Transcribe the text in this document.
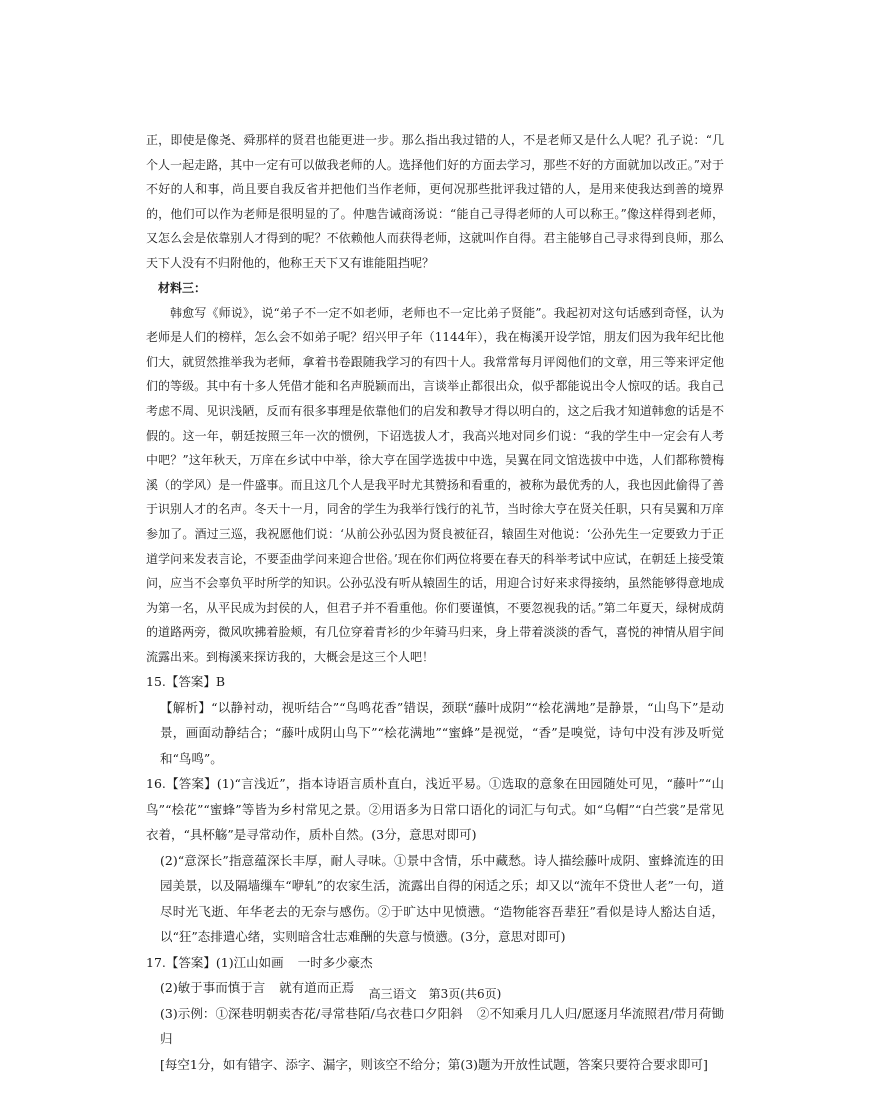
正，即使是像尧、舜那样的贤君也能更进一步。那么指出我过错的人，不是老师又是什么人呢？孔子说：“几个人一起走路，其中一定有可以做我老师的人。选择他们好的方面去学习，那些不好的方面就加以改正。”对于不好的人和事，尚且要自我反省并把他们当作老师，更何况那些批评我过错的人，是用来使我达到善的境界的，他们可以作为老师是很明显的了。仲虺告诫商汤说：“能自己寻得老师的人可以称王。”像这样得到老师，又怎么会是依靠别人才得到的呢？不依赖他人而获得老师，这就叫作自得。君主能够自己寻求得到良师，那么天下人没有不归附他的，他称王天下又有谁能阻挡呢？

材料三：

韩愈写《师说》，说“弟子不一定不如老师，老师也不一定比弟子贤能”。我起初对这句话感到奇怪，认为老师是人们的榜样，怎么会不如弟子呢？绍兴甲子年（1144年），我在梅溪开设学馆，朋友们因为我年纪比他们大，就贸然推举我为老师，拿着书卷跟随我学习的有四十人。我常常每月评阅他们的文章，用三等来评定他们的等级。其中有十多人凭借才能和名声脱颖而出，言谈举止都很出众，似乎都能说出令人惊叹的话。我自己考虑不周、见识浅陋，反而有很多事理是依靠他们的启发和教导才得以明白的，这之后我才知道韩愈的话是不假的。这一年，朝廷按照三年一次的惯例，下诏选拔人才，我高兴地对同乡们说：“我的学生中一定会有人考中吧？”这年秋天，万庠在乡试中中举，徐大亨在国学选拔中中选，吴翼在同文馆选拔中中选，人们都称赞梅溪（的学风）是一件盛事。而且这几个人是我平时尤其赞扬和看重的，被称为最优秀的人，我也因此偷得了善于识别人才的名声。冬天十一月，同舍的学生为我举行饯行的礼节，当时徐大亨在贤关任职，只有吴翼和万庠参加了。酒过三巡，我祝愿他们说：‘从前公孙弘因为贤良被征召，辕固生对他说：‘公孙先生一定要致力于正道学问来发表言论，不要歪曲学问来迎合世俗。’现在你们两位将要在春天的科举考试中应试，在朝廷上接受策问，应当不会辜负平时所学的知识。公孙弘没有听从辕固生的话，用迎合讨好来求得接纳，虽然能够得意地成为第一名，从平民成为封侯的人，但君子并不看重他。你们要谨慎，不要忽视我的话。”第二年夏天，绿树成荫的道路两旁，微风吹拂着脸颊，有几位穿着青衫的少年骑马归来，身上带着淡淡的香气，喜悦的神情从眉宇间流露出来。到梅溪来探访我的，大概会是这三个人吧！

15.【答案】B

【解析】“以静衬动，视听结合”“鸟鸣花香”错误，颈联“藤叶成阴”“桧花满地”是静景，“山鸟下”是动景，画面动静结合；“藤叶成阴山鸟下”“桧花满地”“蜜蜂”是视觉，“香”是嗅觉，诗句中没有涉及听觉和“鸟鸣”。

16.【答案】(1)“言浅近”，指本诗语言质朴直白，浅近平易。①选取的意象在田园随处可见，“藤叶”“山鸟”“桧花”“蜜蜂”等皆为乡村常见之景。②用语多为日常口语化的词汇与句式。如“乌帽”“白苎裳”是常见衣着，“具杯觞”是寻常动作，质朴自然。(3分，意思对即可)

(2)“意深长”指意蕴深长丰厚，耐人寻味。①景中含情，乐中藏愁。诗人描绘藤叶成阴、蜜蜂流连的田园美景，以及隔墙缫车“咿轧”的农家生活，流露出自得的闲适之乐；却又以“流年不贷世人老”一句，道尽时光飞逝、年华老去的无奈与感伤。②于旷达中见愤懑。“造物能容吾辈狂”看似是诗人豁达自适，以“狂”态排遣心绪，实则暗含壮志难酬的失意与愤懑。(3分，意思对即可)

17.【答案】(1)江山如画 一时多少豪杰

(2)敏于事而慎于言 就有道而正焉

(3)示例：①深巷明朝卖杏花/寻常巷陌/乌衣巷口夕阳斜 ②不知乘月几人归/愿逐月华流照君/带月荷锄归

[每空1分，如有错字、添字、漏字，则该空不给分；第(3)题为开放性试题，答案只要符合要求即可]

高三语文　第3页(共6页)
